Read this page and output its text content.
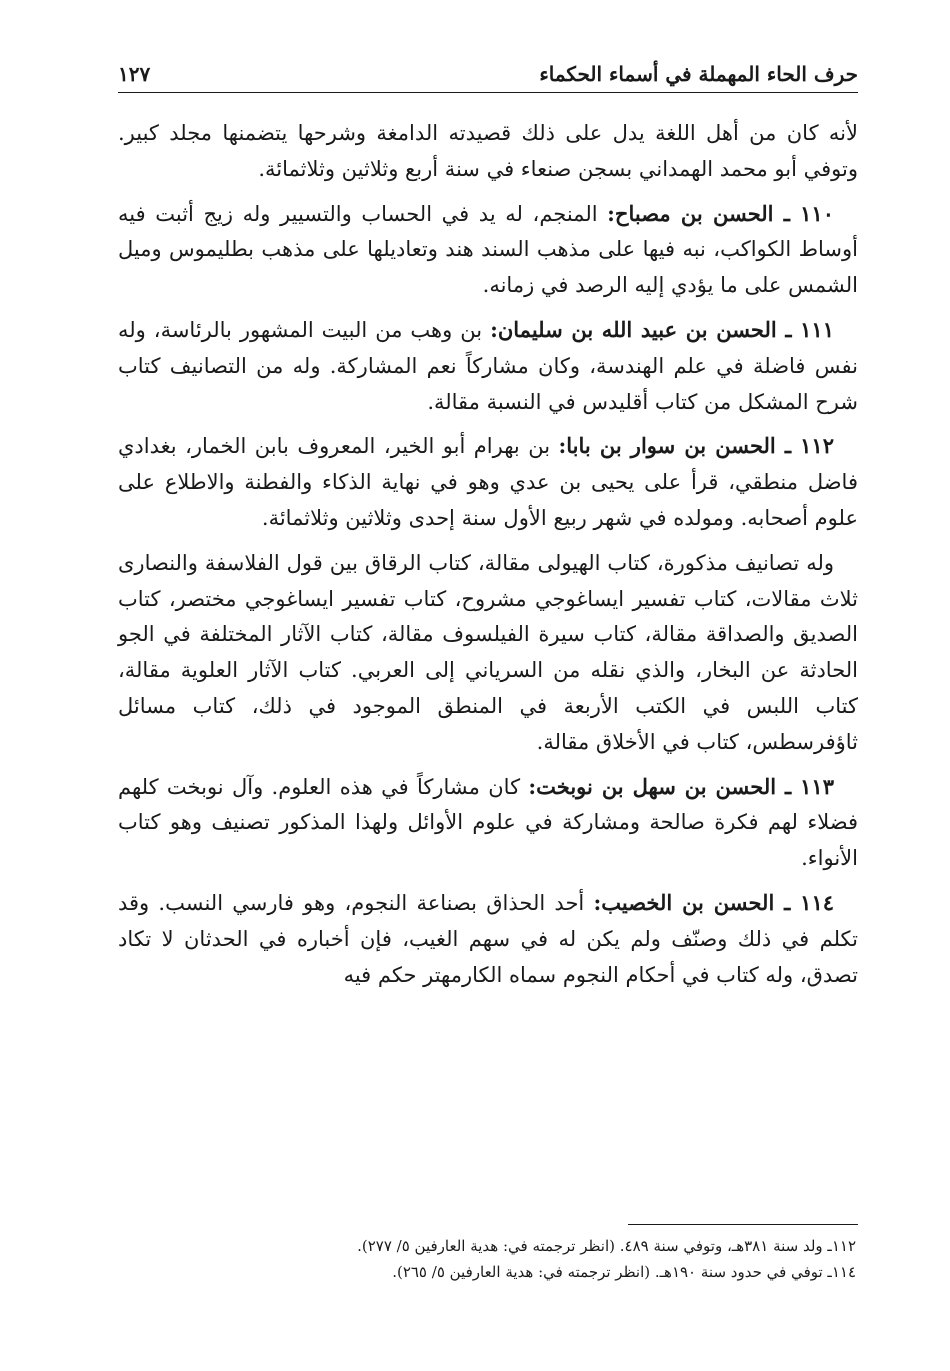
حرف الحاء المهملة في أسماء الحكماء
١٢٧

لأنه كان من أهل اللغة يدل على ذلك قصيدته الدامغة وشرحها يتضمنها مجلد كبير. وتوفي أبو محمد الهمداني بسجن صنعاء في سنة أربع وثلاثين وثلاثمائة.

١١٠ ـ الحسن بن مصباح: المنجم، له يد في الحساب والتسيير وله زيج أثبت فيه أوساط الكواكب، نبه فيها على مذهب السند هند وتعاديلها على مذهب بطليموس وميل الشمس على ما يؤدي إليه الرصد في زمانه.

١١١ ـ الحسن بن عبيد الله بن سليمان: بن وهب من البيت المشهور بالرئاسة، وله نفس فاضلة في علم الهندسة، وكان مشاركاً نعم المشاركة. وله من التصانيف كتاب شرح المشكل من كتاب أقليدس في النسبة مقالة.

١١٢ ـ الحسن بن سوار بن بابا: بن بهرام أبو الخير، المعروف بابن الخمار، بغدادي فاضل منطقي، قرأ على يحيى بن عدي وهو في نهاية الذكاء والفطنة والاطلاع على علوم أصحابه. ومولده في شهر ربيع الأول سنة إحدى وثلاثين وثلاثمائة.

وله تصانيف مذكورة، كتاب الهيولى مقالة، كتاب الرقاق بين قول الفلاسفة والنصارى ثلاث مقالات، كتاب تفسير ايساغوجي مشروح، كتاب تفسير ايساغوجي مختصر، كتاب الصديق والصداقة مقالة، كتاب سيرة الفيلسوف مقالة، كتاب الآثار المختلفة في الجو الحادثة عن البخار، والذي نقله من السرياني إلى العربي. كتاب الآثار العلوية مقالة، كتاب اللبس في الكتب الأربعة في المنطق الموجود في ذلك، كتاب مسائل ثاؤفرسطس، كتاب في الأخلاق مقالة.

١١٣ ـ الحسن بن سهل بن نوبخت: كان مشاركاً في هذه العلوم. وآل نوبخت كلهم فضلاء لهم فكرة صالحة ومشاركة في علوم الأوائل ولهذا المذكور تصنيف وهو كتاب الأنواء.

١١٤ ـ الحسن بن الخصيب: أحد الحذاق بصناعة النجوم، وهو فارسي النسب. وقد تكلم في ذلك وصنّف ولم يكن له في سهم الغيب، فإن أخباره في الحدثان لا تكاد تصدق، وله كتاب في أحكام النجوم سماه الكارمهتر حكم فيه

١١٢ـ ولد سنة ٣٨١هـ، وتوفي سنة ٤٨٩. (انظر ترجمته في: هدية العارفين ٥/ ٢٧٧).

١١٤ـ توفي في حدود سنة ١٩٠هـ. (انظر ترجمته في: هدية العارفين ٥/ ٢٦٥).
